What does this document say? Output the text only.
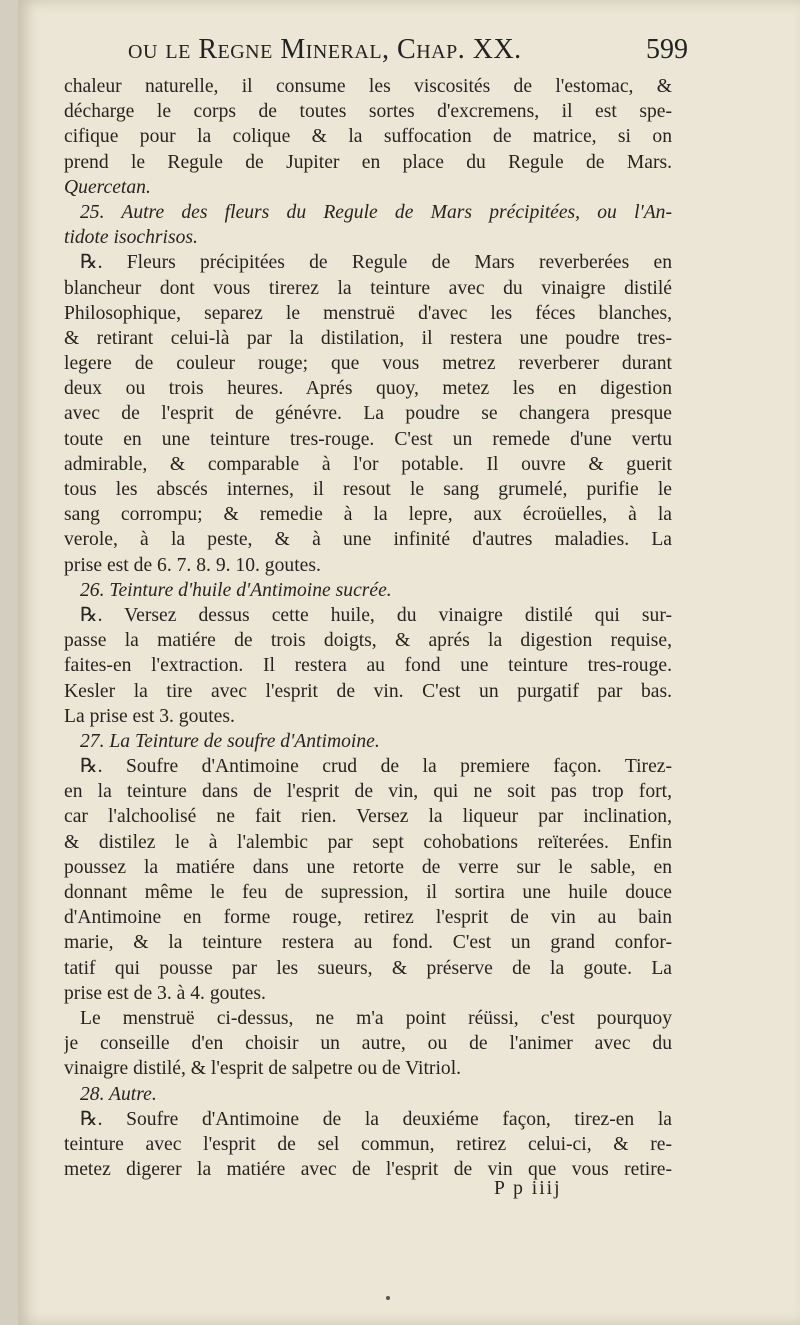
ou le Regne Mineral, Chap. XX.	599
chaleur naturelle, il consume les viscosités de l'estomac, &
décharge le corps de toutes sortes d'excremens, il est spe-
cifique pour la colique & la suffocation de matrice, si on
prend le Regule de Jupiter en place du Regule de Mars.
Quercetan.
25. Autre des fleurs du Regule de Mars précipitées, ou l'An-
tidote isochrisos.
℞. Fleurs précipitées de Regule de Mars reverberées en
blancheur dont vous tirerez la teinture avec du vinaigre distilé
Philosophique, separez le menstruë d'avec les féces blanches,
& retirant celui-là par la distilation, il restera une poudre tres-
legere de couleur rouge; que vous metrez reverberer durant
deux ou trois heures. Aprés quoy, metez les en digestion
avec de l'esprit de génévre. La poudre se changera presque
toute en une teinture tres-rouge. C'est un remede d'une vertu
admirable, & comparable à l'or potable. Il ouvre & guerit
tous les abscés internes, il resout le sang grumelé, purifie le
sang corrompu; & remedie à la lepre, aux écroüelles, à la
verole, à la peste, & à une infinité d'autres maladies. La
prise est de 6. 7. 8. 9. 10. goutes.
26. Teinture d'huile d'Antimoine sucrée.
℞. Versez dessus cette huile, du vinaigre distilé qui sur-
passe la matiére de trois doigts, & aprés la digestion requise,
faites-en l'extraction. Il restera au fond une teinture tres-rouge.
Kesler la tire avec l'esprit de vin. C'est un purgatif par bas.
La prise est 3. goutes.
27. La Teinture de soufre d'Antimoine.
℞. Soufre d'Antimoine crud de la premiere façon. Tirez-
en la teinture dans de l'esprit de vin, qui ne soit pas trop fort,
car l'alchoolisé ne fait rien. Versez la liqueur par inclination,
& distilez le à l'alembic par sept cohobations reïterées. Enfin
poussez la matiére dans une retorte de verre sur le sable, en
donnant même le feu de supression, il sortira une huile douce
d'Antimoine en forme rouge, retirez l'esprit de vin au bain
marie, & la teinture restera au fond. C'est un grand confor-
tatif qui pousse par les sueurs, & préserve de la goute. La
prise est de 3. à 4. goutes.
Le menstruë ci-dessus, ne m'a point réüssi, c'est pourquoy
je conseille d'en choisir un autre, ou de l'animer avec du
vinaigre distilé, & l'esprit de salpetre ou de Vitriol.
28. Autre.
℞. Soufre d'Antimoine de la deuxiéme façon, tirez-en la
teinture avec l'esprit de sel commun, retirez celui-ci, & re-
metez digerer la matiére avec de l'esprit de vin que vous retire-
P p iiij
